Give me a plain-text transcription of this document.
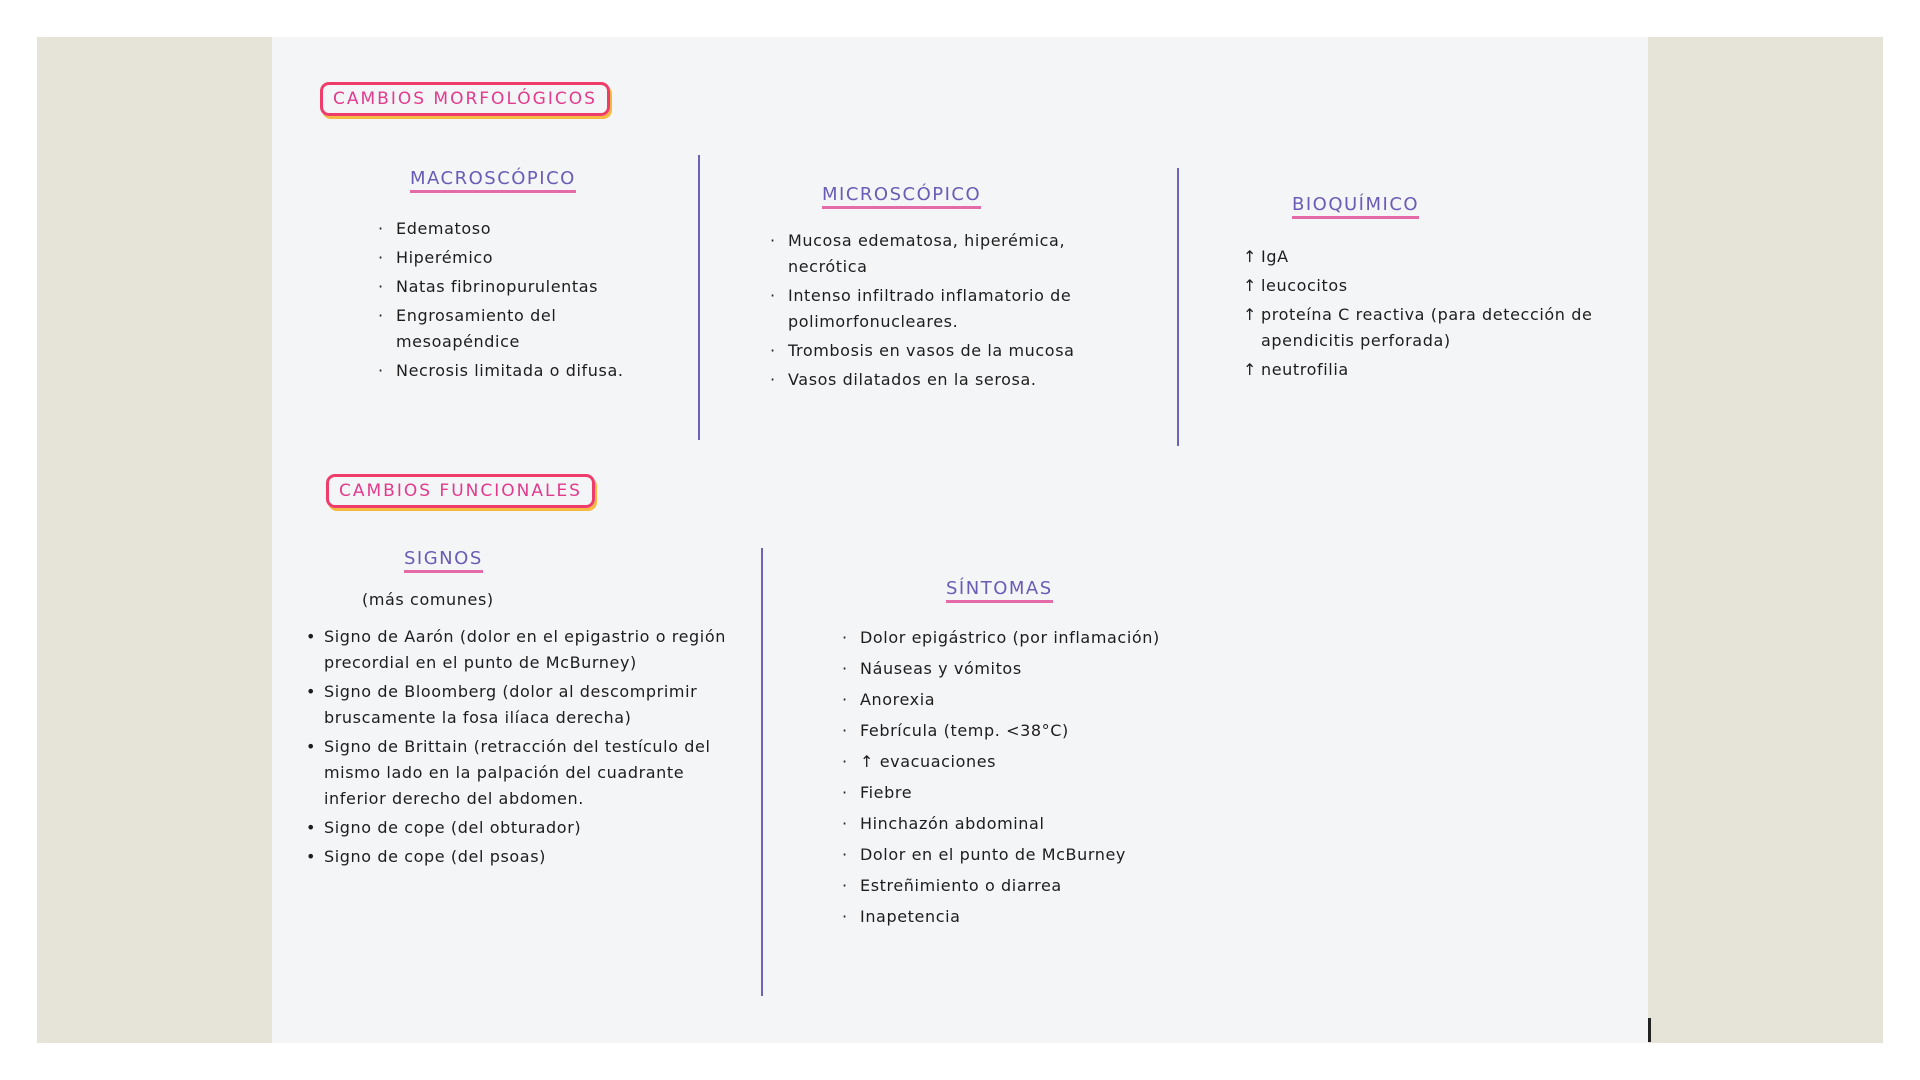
CAMBIOS MORFOLÓGICOS
MACROSCÓPICO
· Edematoso
· Hiperémico
· Natas fibrinopurulentas
· Engrosamiento del mesoapéndice
· Necrosis limitada o difusa.
MICROSCÓPICO
· Mucosa edematosa, hiperémica, necrótica
· Intenso infiltrado inflamatorio de polimorfonucleares.
· Trombosis en vasos de la mucosa
· Vasos dilatados en la serosa.
BIOQUÍMICO
↑ IgA
↑ leucocitos
↑ proteína C reactiva (para detección de apendicitis perforada)
↑ neutrofilia
CAMBIOS FUNCIONALES
SIGNOS
(más comunes)
• Signo de Aarón (dolor en el epigastrio o región precordial en el punto de McBurney)
• Signo de Bloomberg (dolor al descomprimir bruscamente la fosa ilíaca derecha)
• Signo de Brittain (retracción del testículo del mismo lado en la palpación del cuadrante inferior derecho del abdomen.
• Signo de cope (del obturador)
• Signo de cope (del psoas)
SÍNTOMAS
· Dolor epigástrico (por inflamación)
· Náuseas y vómitos
· Anorexia
· Febrícula (temp. <38°C)
· ↑ evacuaciones
· Fiebre
· Hinchazón abdominal
· Dolor en el punto de McBurney
· Estreñimiento o diarrea
· Inapetencia
